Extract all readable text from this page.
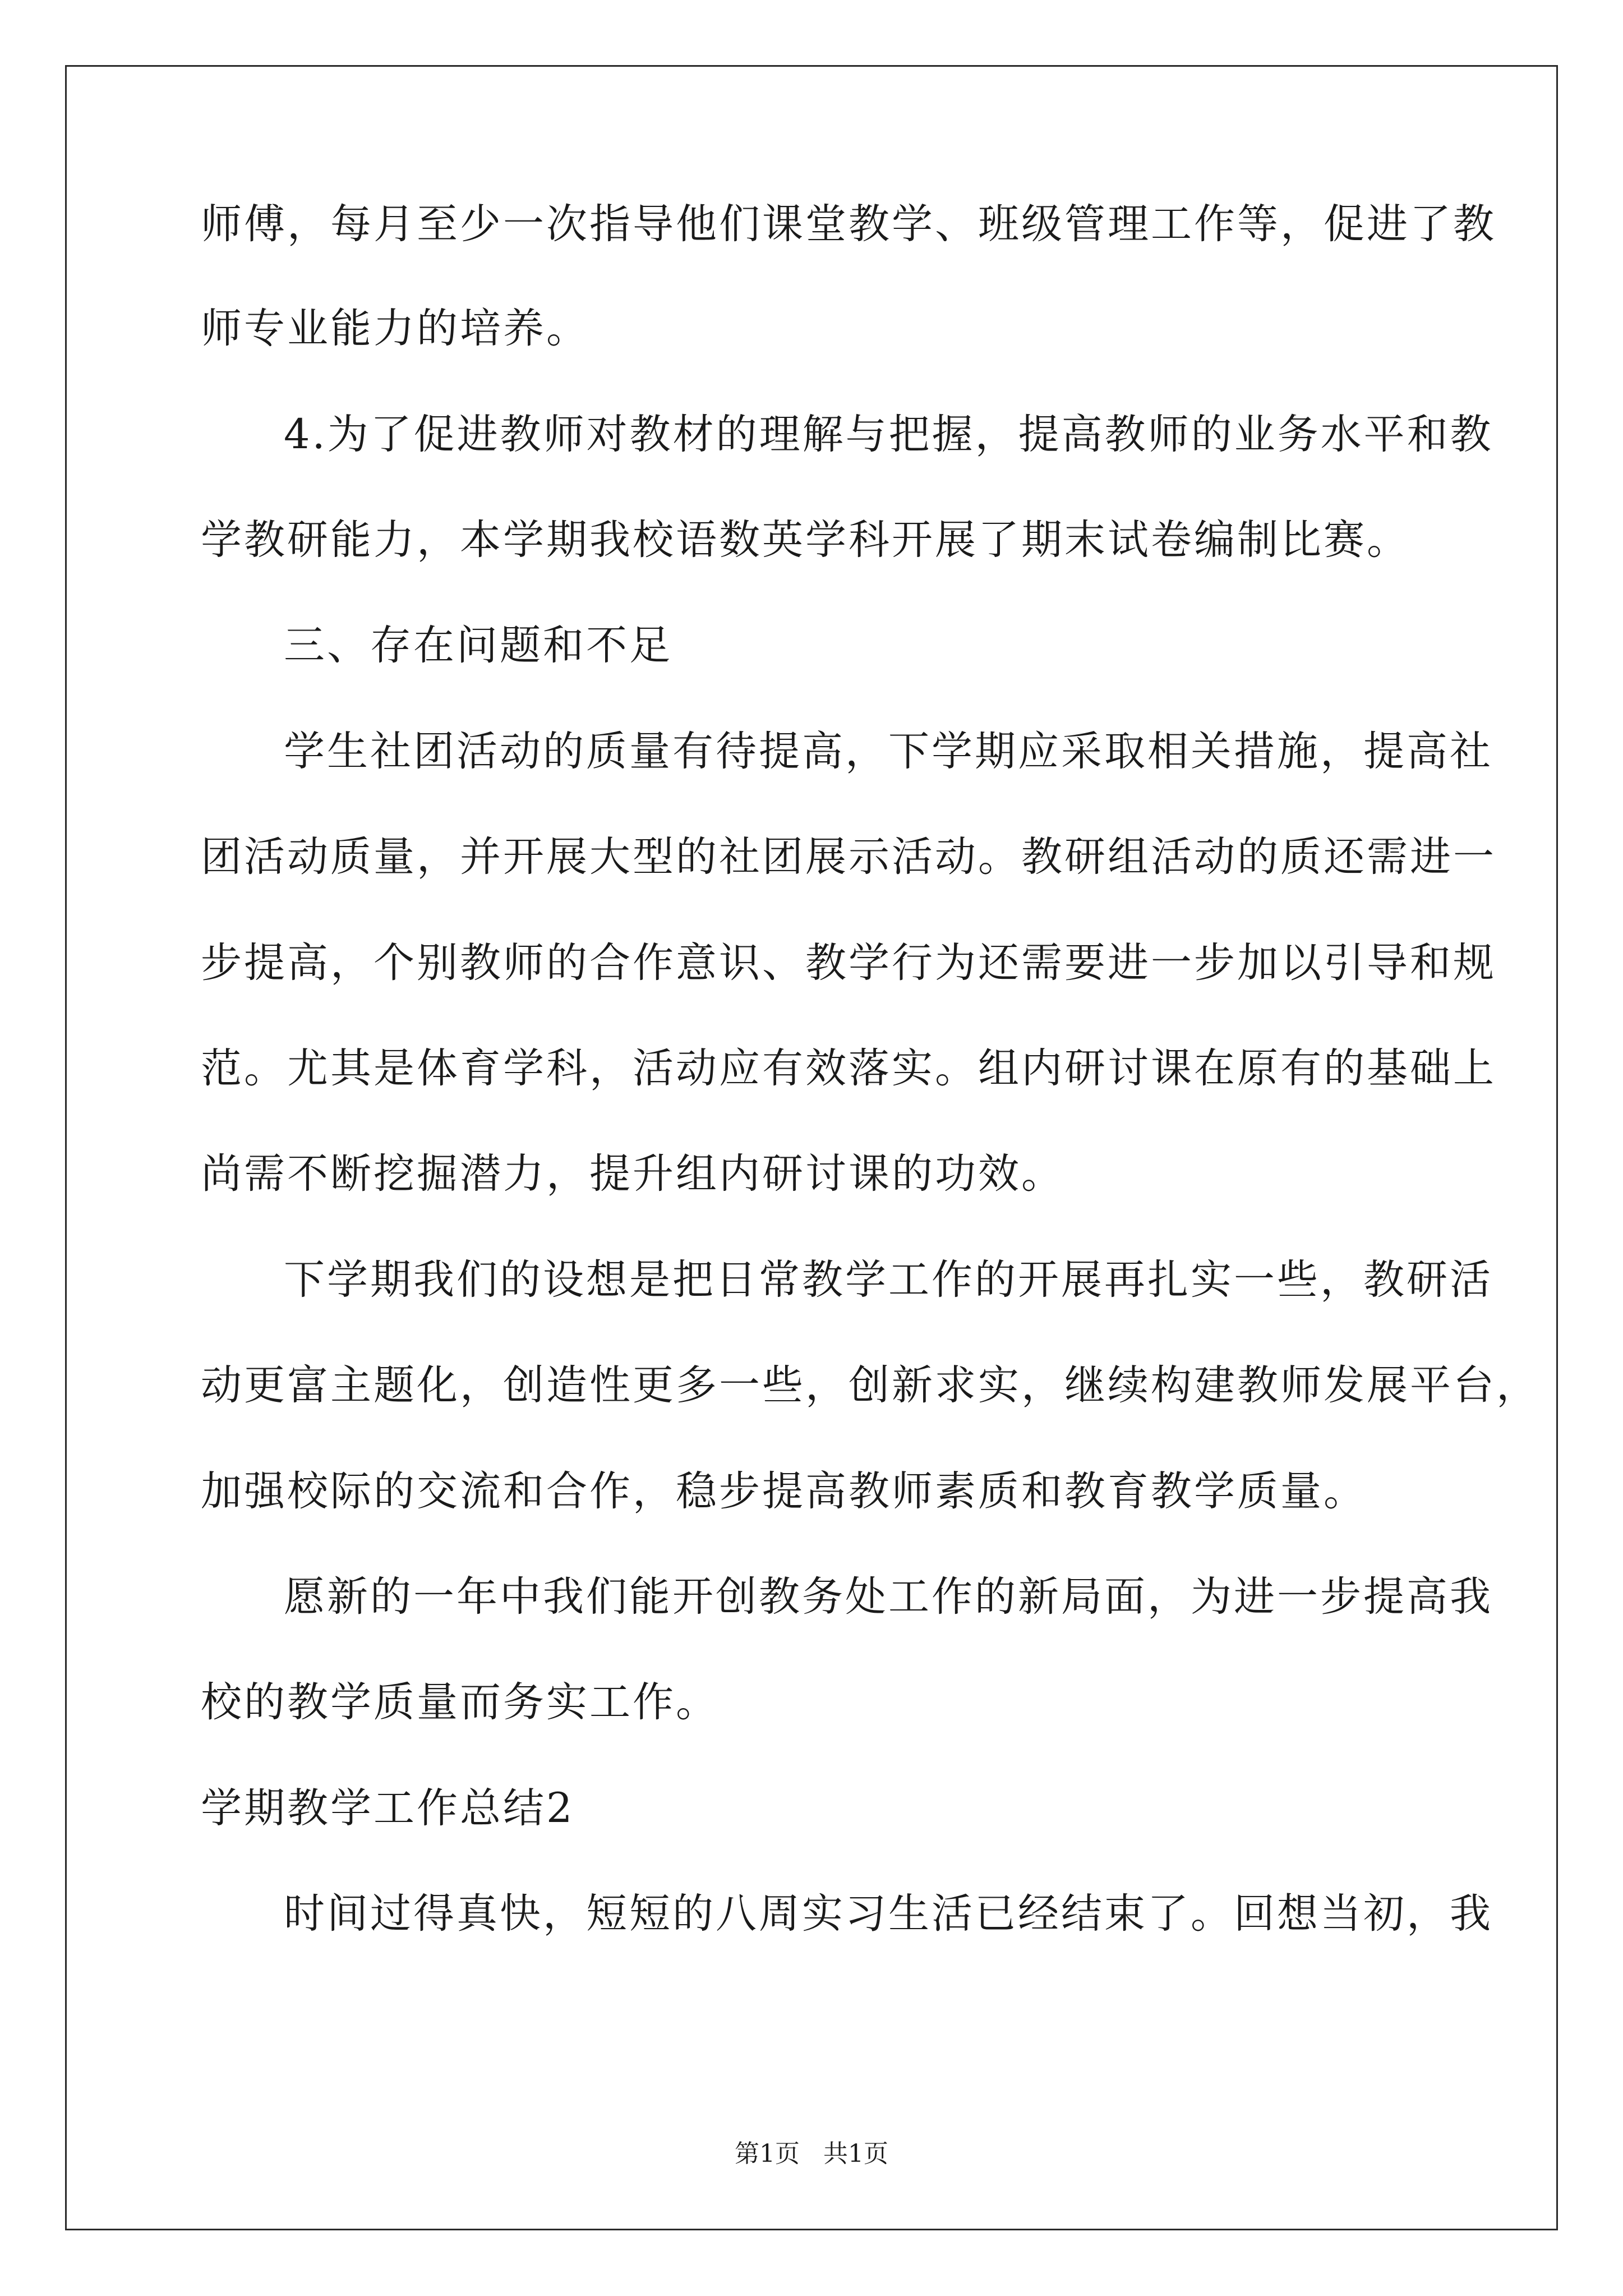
师傅，每月至少一次指导他们课堂教学、班级管理工作等，促进了教
师专业能力的培养。
4.为了促进教师对教材的理解与把握，提高教师的业务水平和教
学教研能力，本学期我校语数英学科开展了期末试卷编制比赛。
三、存在问题和不足
学生社团活动的质量有待提高，下学期应采取相关措施，提高社
团活动质量，并开展大型的社团展示活动。教研组活动的质还需进一
步提高，个别教师的合作意识、教学行为还需要进一步加以引导和规
范。尤其是体育学科，活动应有效落实。组内研讨课在原有的基础上
尚需不断挖掘潜力，提升组内研讨课的功效。
下学期我们的设想是把日常教学工作的开展再扎实一些，教研活
动更富主题化，创造性更多一些，创新求实，继续构建教师发展平台，
加强校际的交流和合作，稳步提高教师素质和教育教学质量。
愿新的一年中我们能开创教务处工作的新局面，为进一步提高我
校的教学质量而务实工作。
学期教学工作总结2
时间过得真快，短短的八周实习生活已经结束了。回想当初，我
第1页   共1页
